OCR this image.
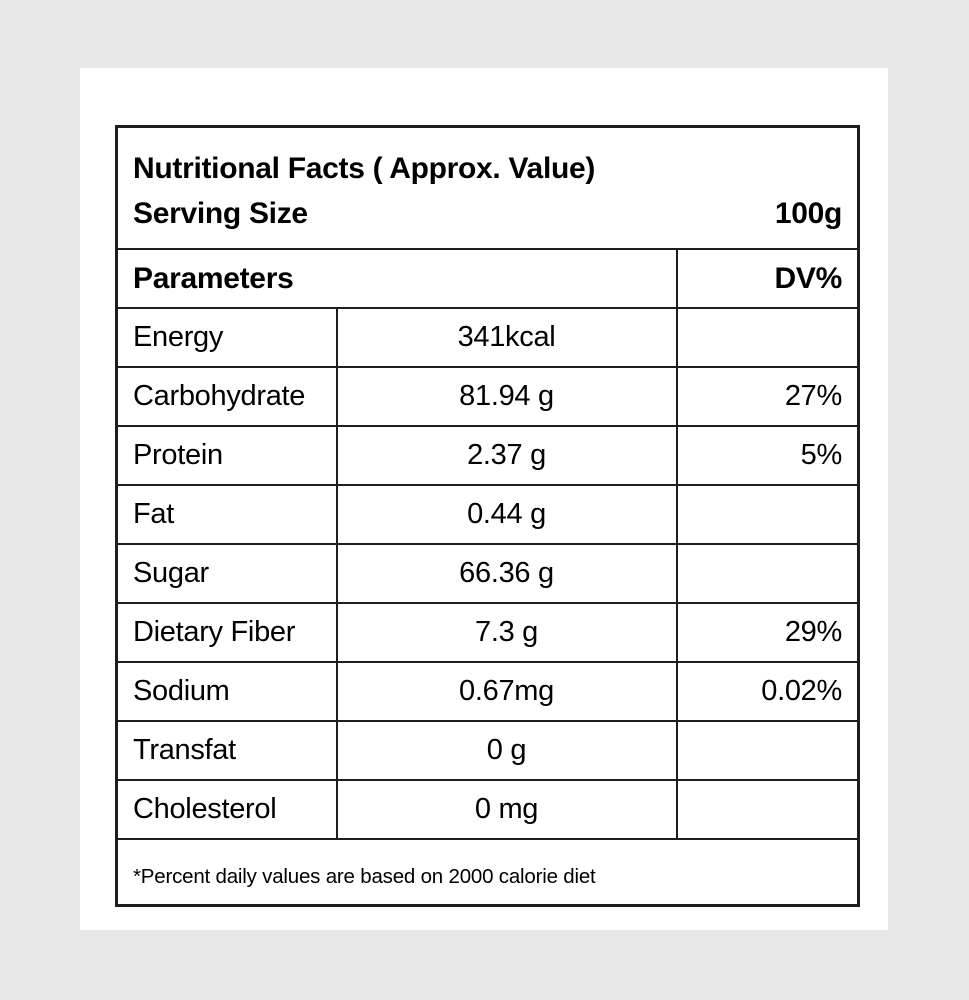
Nutritional Facts ( Approx. Value)
Serving Size 100g		

Parameters		DV%
Energy	341kcal	
Carbohydrate	81.94 g	27%
Protein	2.37 g	5%
Fat	0.44 g	
Sugar	66.36 g	
Dietary Fiber	7.3 g	29%
Sodium	0.67mg	0.02%
Transfat	0 g	
Cholesterol	0 mg	
*Percent daily values are based on 2000 calorie diet		
